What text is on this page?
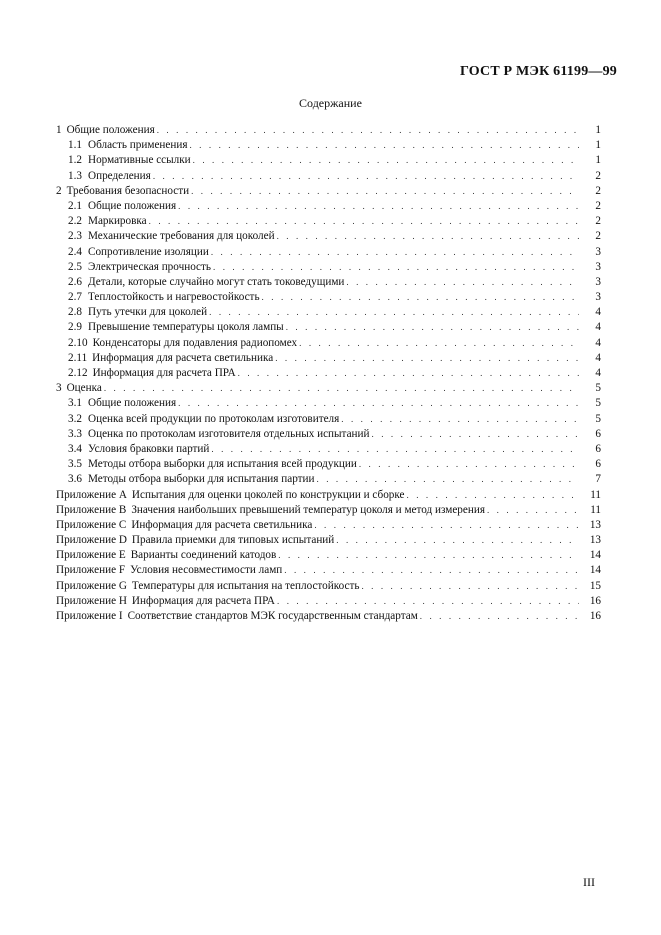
ГОСТ Р МЭК 61199—99
Содержание
1 Общие положения . . .	1
1.1 Область применения . . .	1
1.2 Нормативные ссылки . . .	1
1.3 Определения . . .	2
2 Требования безопасности . . .	2
2.1 Общие положения . . .	2
2.2 Маркировка . . .	2
2.3 Механические требования для цоколей . . .	2
2.4 Сопротивление изоляции . . .	3
2.5 Электрическая прочность . . .	3
2.6 Детали, которые случайно могут стать токоведущими . . .	3
2.7 Теплостойкость и нагревостойкость . . .	3
2.8 Путь утечки для цоколей . . .	4
2.9 Превышение температуры цоколя лампы . . .	4
2.10 Конденсаторы для подавления радиопомех . . .	4
2.11 Информация для расчета светильника . . .	4
2.12 Информация для расчета ПРА . . .	4
3 Оценка . . .	5
3.1 Общие положения . . .	5
3.2 Оценка всей продукции по протоколам изготовителя . . .	5
3.3 Оценка по протоколам изготовителя отдельных испытаний . . .	6
3.4 Условия браковки партий . . .	6
3.5 Методы отбора выборки для испытания всей продукции . . .	6
3.6 Методы отбора выборки для испытания партии . . .	7
Приложение А Испытания для оценки цоколей по конструкции и сборке . . .	11
Приложение В Значения наибольших превышений температур цоколя и метод измерения . . .	11
Приложение С Информация для расчета светильника . . .	13
Приложение D Правила приемки для типовых испытаний . . .	13
Приложение Е Варианты соединений катодов . . .	14
Приложение F Условия несовместимости ламп . . .	14
Приложение G Температуры для испытания на теплостойкость . . .	15
Приложение Н Информация для расчета ПРА . . .	16
Приложение I Соответствие стандартов МЭК государственным стандартам . . .	16
III
